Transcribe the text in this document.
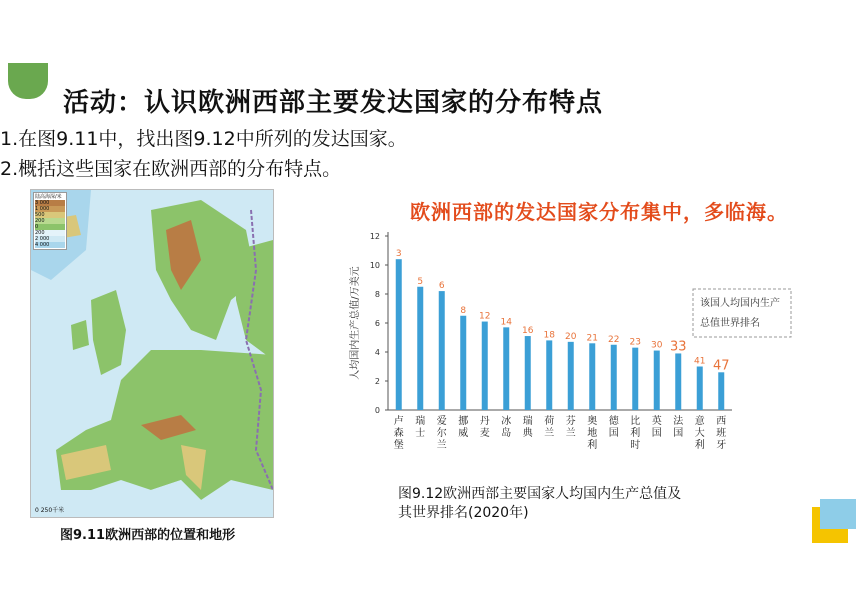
活动：认识欧洲西部主要发达国家的分布特点
1.在图9.11中，找出图9.12中所列的发达国家。
2.概括这些国家在欧洲西部的分布特点。
欧洲西部的发达国家分布集中，多临海。
陆高海深/米
3 000
1 000
500
200
0
200
2 000
4 000
0 250千米
图9.11欧洲西部的位置和地形
0
2
4
6
8
10
12
人均国内生产总值/万美元
3
卢森堡
5
瑞士
6
爱尔兰
8
挪威
12
丹麦
14
冰岛
16
瑞典
18
荷兰
20
芬兰
21
奥地利
22
德国
23
比利时
30
英国
33
法国
41
意大利
47
西班牙
该国人均国内生产
总值世界排名
图9.12欧洲西部主要国家人均国内生产总值及
其世界排名(2020年)
